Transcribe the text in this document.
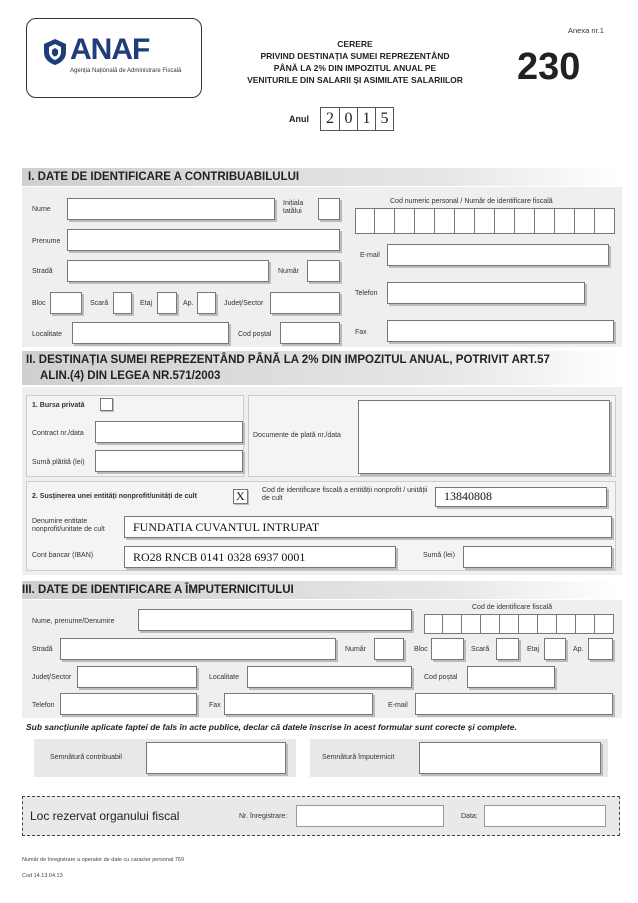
ANAF
Agenția Națională de Administrare Fiscală
CERERE
PRIVIND DESTINAȚIA SUMEI REPREZENTÂND
PÂNĂ LA 2% DIN IMPOZITUL ANUAL PE
VENITURILE DIN SALARII ȘI ASIMILATE SALARIILOR
Anexa nr.1
230
Anul	2 0 1 5
I. DATE DE IDENTIFICARE A CONTRIBUABILULUI
Nume
Inițiala tatălui
Cod numeric personal / Număr de identificare fiscală
Prenume
E-mail
Stradă	Număr
Telefon
Bloc	Scară	Etaj	Ap.	Județ/Sector
Localitate	Cod poștal	Fax
II. DESTINAȚIA SUMEI REPREZENTÂND PÂNĂ LA 2% DIN IMPOZITUL ANUAL, POTRIVIT ART.57
ALIN.(4) DIN LEGEA NR.571/2003
1. Bursa privată
Contract nr./data
Sumă plătită (lei)
Documente de plată nr./data
2. Susținerea unei entități nonprofit/unități de cult	X	Cod de identificare fiscală a entității nonprofit / unității de cult	13840808
Denumire entitate nonprofit/unitate de cult	FUNDATIA CUVANTUL INTRUPAT
Cont bancar (IBAN)	RO28 RNCB 0141 0328 6937 0001	Sumă (lei)
III. DATE DE IDENTIFICARE A ÎMPUTERNICITULUI
Nume, prenume/Denumire
Cod de identificare fiscală
Stradă	Număr	Bloc	Scară	Etaj	Ap.
Județ/Sector	Localitate	Cod poștal
Telefon	Fax	E-mail
Sub sancțiunile aplicate faptei de fals în acte publice, declar că datele înscrise în acest formular sunt corecte și complete.
Semnătură contribuabil	Semnătură împuternicit
Loc rezervat organului fiscal	Nr. înregistrare:	Data:
Număr de înregistrare a operator de date cu caracter personal 759
Cod 14.13.04.13
